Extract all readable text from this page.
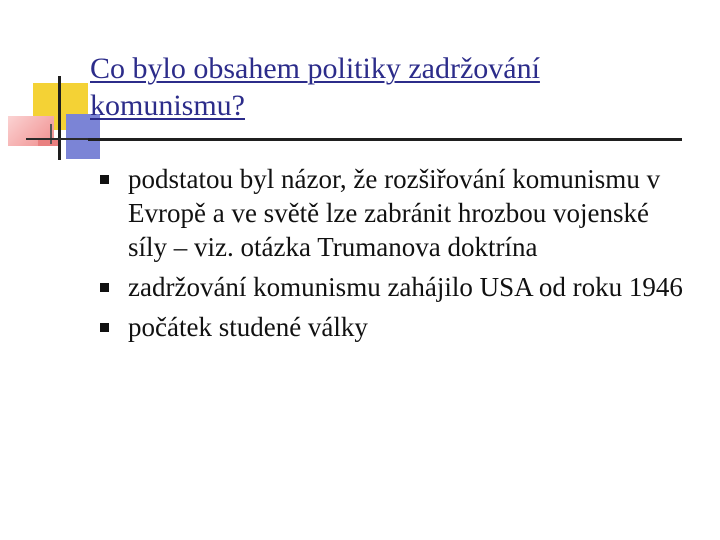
Co bylo obsahem politiky zadržování komunismu?
podstatou byl názor, že rozšiřování komunismu v Evropě a ve světě lze zabránit hrozbou vojenské síly – viz. otázka Trumanova doktrína
zadržování komunismu zahájilo USA od roku 1946
počátek studené války
